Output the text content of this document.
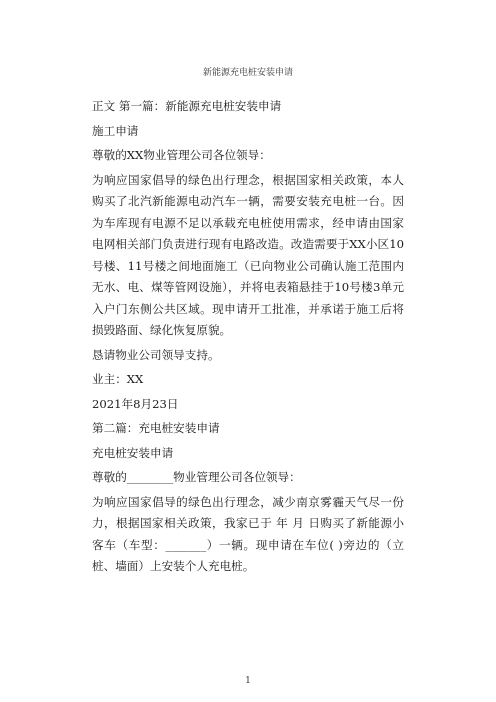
新能源充电桩安装申请

正文 第一篇：新能源充电桩安装申请

施工申请

尊敬的XX物业管理公司各位领导：

为响应国家倡导的绿色出行理念，根据国家相关政策，本人购买了北汽新能源电动汽车一辆，需要安装充电桩一台。因为车库现有电源不足以承载充电桩使用需求，经申请由国家电网相关部门负责进行现有电路改造。改造需要于XX小区10号楼、11号楼之间地面施工（已向物业公司确认施工范围内无水、电、煤等管网设施），并将电表箱悬挂于10号楼3单元入户门东侧公共区域。现申请开工批准，并承诺于施工后将损毁路面、绿化恢复原貌。

恳请物业公司领导支持。

业主：XX

2021年8月23日

第二篇：充电桩安装申请

充电桩安装申请

尊敬的________物业管理公司各位领导：

为响应国家倡导的绿色出行理念，减少南京雾霾天气尽一份力，根据国家相关政策，我家已于 年 月 日购买了新能源小客车（车型：_______）一辆。现申请在车位( )旁边的（立桩、墙面）上安装个人充电桩。

1
